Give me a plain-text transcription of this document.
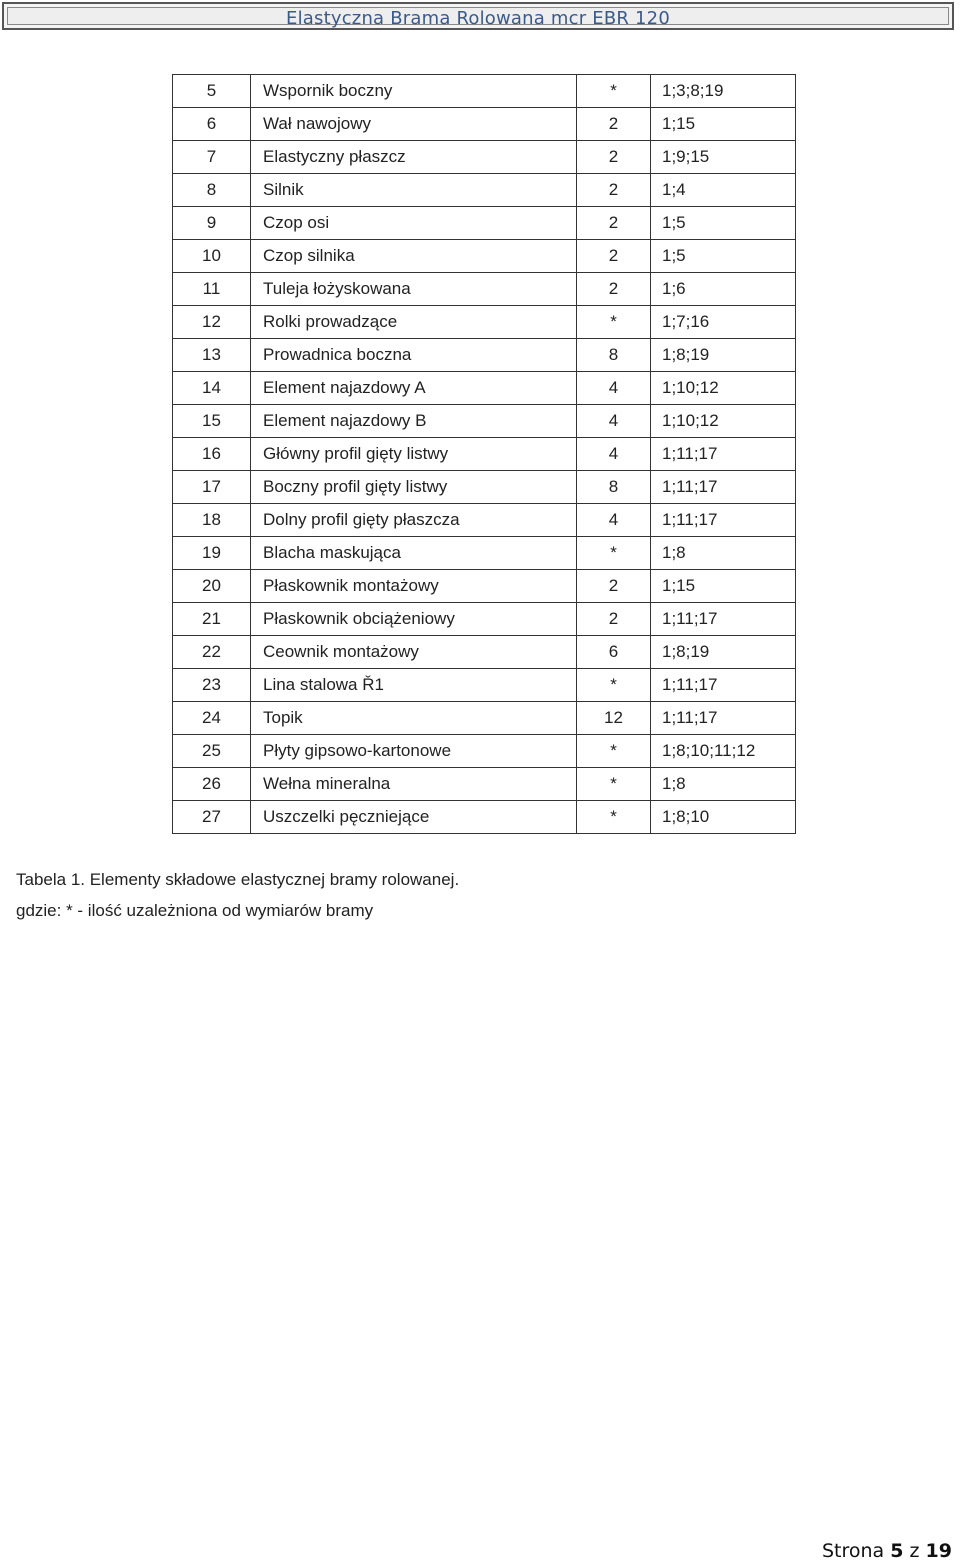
Elastyczna Brama Rolowana mcr EBR 120
5	Wspornik boczny	*	1;3;8;19
6	Wał nawojowy	2	1;15
7	Elastyczny płaszcz	2	1;9;15
8	Silnik	2	1;4
9	Czop osi	2	1;5
10	Czop silnika	2	1;5
11	Tuleja łożyskowana	2	1;6
12	Rolki prowadzące	*	1;7;16
13	Prowadnica boczna	8	1;8;19
14	Element najazdowy A	4	1;10;12
15	Element najazdowy B	4	1;10;12
16	Główny profil gięty listwy	4	1;11;17
17	Boczny profil gięty listwy	8	1;11;17
18	Dolny profil gięty płaszcza	4	1;11;17
19	Blacha maskująca	*	1;8
20	Płaskownik montażowy	2	1;15
21	Płaskownik obciążeniowy	2	1;11;17
22	Ceownik montażowy	6	1;8;19
23	Lina stalowa Ř1	*	1;11;17
24	Topik	12	1;11;17
25	Płyty gipsowo-kartonowe	*	1;8;10;11;12
26	Wełna mineralna	*	1;8
27	Uszczelki pęczniejące	*	1;8;10
Tabela 1. Elementy składowe elastycznej bramy rolowanej.
gdzie: * - ilość uzależniona od wymiarów bramy
Strona 5 z 19
